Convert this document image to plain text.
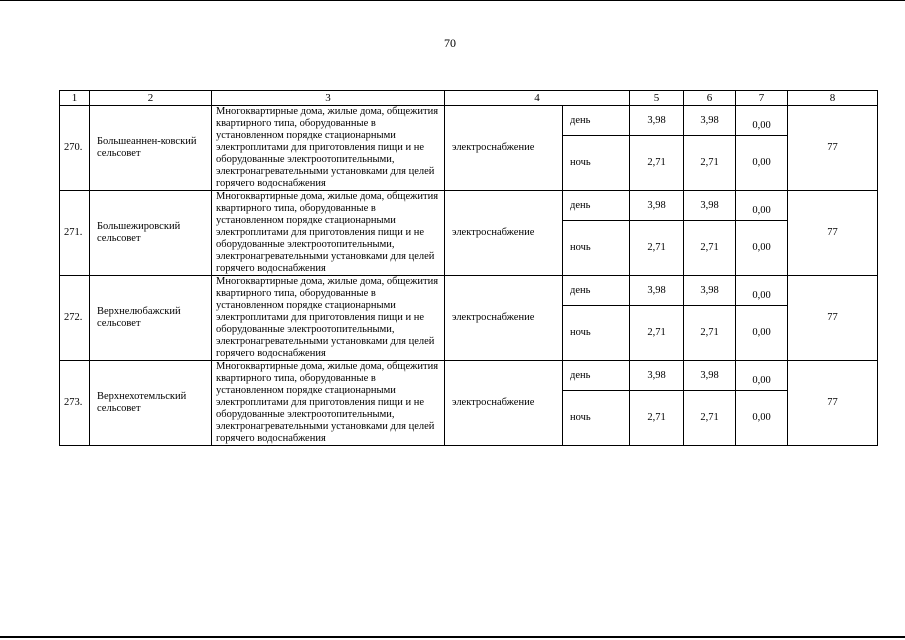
70
1	2	3	4		5	6	7	8
270.	Большеаннен-ковский сельсовет	Многоквартирные дома, жилые дома, общежития квартирного типа, оборудованные в установленном порядке стационарными электроплитами для приготовления пищи и не оборудованные электроотопительными, электронагревательными установками для целей горячего водоснабжения	электроснабжение	день	3,98	3,98	0,00	77
				ночь	2,71	2,71	0,00	
271.	Большежировский сельсовет	Многоквартирные дома, жилые дома, общежития квартирного типа, оборудованные в установленном порядке стационарными электроплитами для приготовления пищи и не оборудованные электроотопительными, электронагревательными установками для целей горячего водоснабжения	электроснабжение	день	3,98	3,98	0,00	77
				ночь	2,71	2,71	0,00	
272.	Верхнелюбажский сельсовет	Многоквартирные дома, жилые дома, общежития квартирного типа, оборудованные в установленном порядке стационарными электроплитами для приготовления пищи и не оборудованные электроотопительными, электронагревательными установками для целей горячего водоснабжения	электроснабжение	день	3,98	3,98	0,00	77
				ночь	2,71	2,71	0,00	
273.	Верхнехотемльский сельсовет	Многоквартирные дома, жилые дома, общежития квартирного типа, оборудованные в установленном порядке стационарными электроплитами для приготовления пищи и не оборудованные электроотопительными, электронагревательными установками для целей горячего водоснабжения	электроснабжение	день	3,98	3,98	0,00	77
				ночь	2,71	2,71	0,00	
